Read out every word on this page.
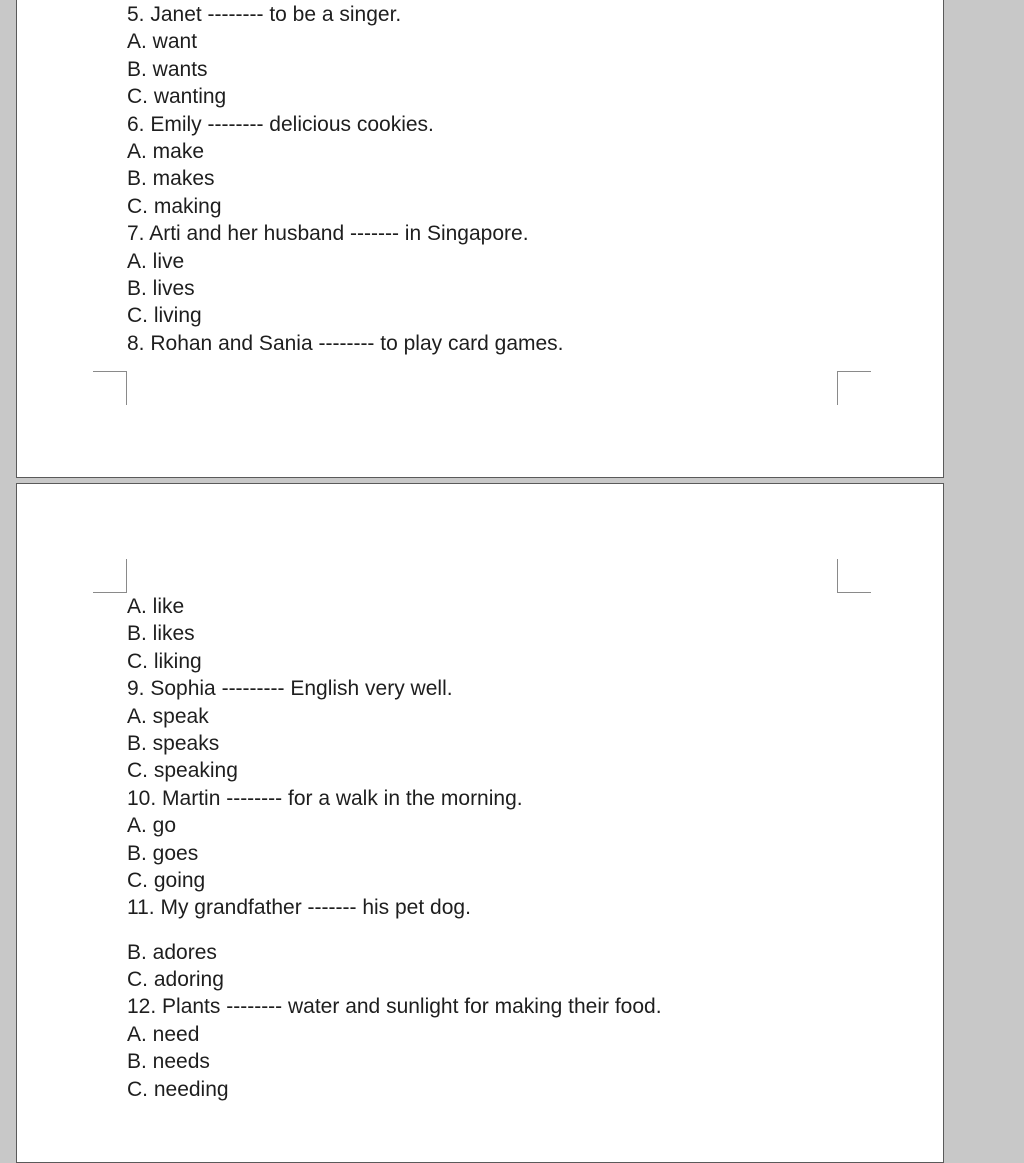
5. Janet -------- to be a singer.
A. want
B. wants
C. wanting
6. Emily -------- delicious cookies.
A. make
B. makes
C. making
7. Arti and her husband ------- in Singapore.
A. live
B. lives
C. living
8. Rohan and Sania -------- to play card games.
A. like
B. likes
C. liking
9. Sophia --------- English very well.
A. speak
B. speaks
C. speaking
10. Martin -------- for a walk in the morning.
A. go
B. goes
C. going
11. My grandfather ------- his pet dog.
B. adores
C. adoring
12. Plants -------- water and sunlight for making their food.
A. need
B. needs
C. needing
